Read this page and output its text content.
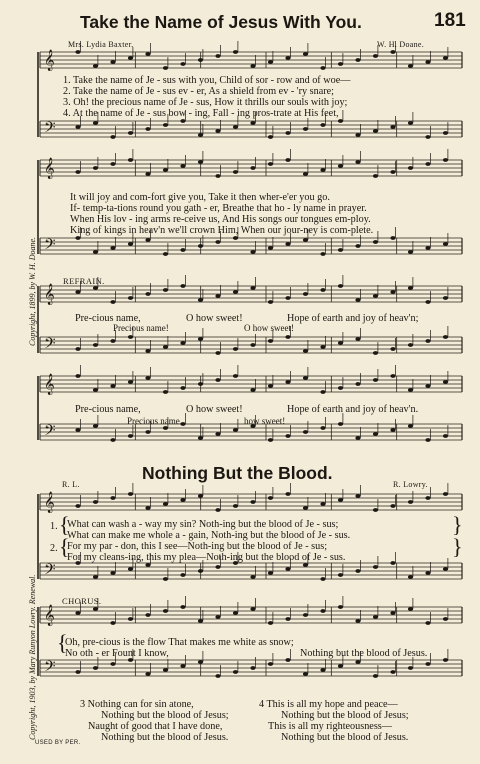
𝄞
𝄢
𝄞
𝄢
𝄞
𝄢
𝄞
𝄢
𝄞
𝄢
𝄞
𝄢
Take the Name of Jesus With You.	181
Mrs. Lydia Baxter.	W. H. Doane.
1. Take the name of Je - sus with you, Child of sor - row and of woe—
2. Take the name of Je - sus ev - er, As a shield from ev - 'ry snare;
3. Oh! the precious name of Je - sus, How it thrills our souls with joy;
4. At the name of Je - sus bow - ing, Fall - ing pros-trate at His feet,
It will joy and com-fort give you, Take it then wher-e'er you go.
If- temp-ta-tions round you gath - er, Breathe that ho - ly name in prayer.
When His lov - ing arms re-ceive us, And His songs our tongues em-ploy.
King of kings in heav'n we'll crown Him, When our jour-ney is com-plete.
REFRAIN.
Pre-cious name,	O how sweet!	Hope of earth and joy of heav'n;
Precious name!	O how sweet!
Pre-cious name,	O how sweet!	Hope of earth and joy of heav'n.
Precious name.	how sweet!
Copyright, 1899, by W. H. Doane.
Nothing But the Blood.
R. L.	R. Lowry.
1.
2.
{
{
}
}
What can wash a - way my sin? Noth-ing but the blood of Je - sus;
What can make me whole a - gain, Noth-ing but the blood of Je - sus.
For my par - don, this I see—Noth-ing but the blood of Je - sus;
For my cleans-ing, this my plea—Noth-ing but the blood of Je - sus.
CHORUS.
{
Oh, pre-cious is the flow That makes me white as snow;
No oth - er Fount I know,	Nothing but the blood of Jesus.
3 Nothing can for sin atone,
Nothing but the blood of Jesus;
Naught of good that I have done,
Nothing but the blood of Jesus.
4 This is all my hope and peace—
Nothing but the blood of Jesus;
This is all my righteousness—
Nothing but the blood of Jesus.
Copyright, 1903, by Mary Runyon Lowry. Renewal.
USED BY PER.
